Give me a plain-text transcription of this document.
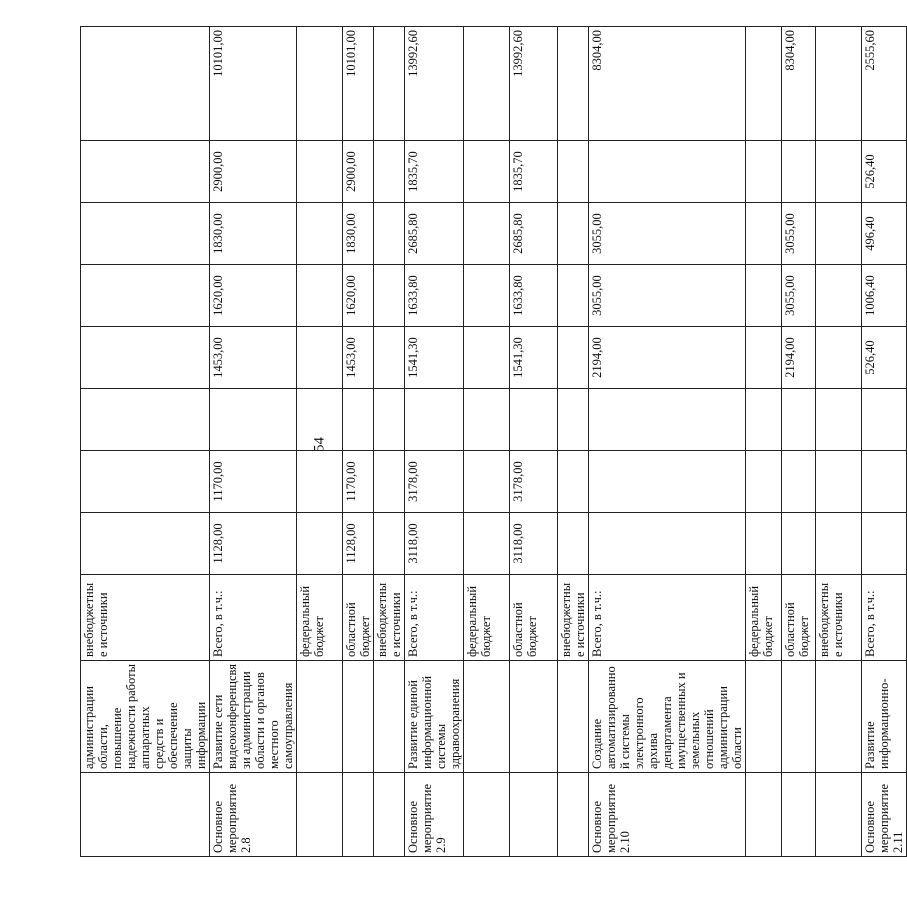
54
	администрации области, повышение надежности работы аппаратных средств и обеспечение защиты информации	внебюджетные источники								
Основное мероприятие 2.8	Развитие сети видеоконференцсвязи администрации области и органов местного самоуправления	Всего, в т.ч.:	1128,00	1170,00		1453,00	1620,00	1830,00	2900,00	10101,00
		федеральный бюджет								
		областной бюджет	1128,00	1170,00		1453,00	1620,00	1830,00	2900,00	10101,00
		внебюджетные источники								
Основное мероприятие 2.9	Развитие единой информационной системы здравоохранения	Всего, в т.ч.:	3118,00	3178,00		1541,30	1633,80	2685,80	1835,70	13992,60
		федеральный бюджет								
		областной бюджет	3118,00	3178,00		1541,30	1633,80	2685,80	1835,70	13992,60
		внебюджетные источники								
Основное мероприятие 2.10	Создание автоматизированной системы электронного архива департамента имущественных и земельных отношений администрации области	Всего, в т.ч.:				2194,00	3055,00	3055,00		8304,00
		федеральный бюджет								
		областной бюджет				2194,00	3055,00	3055,00		8304,00
		внебюджетные источники								
Основное мероприятие 2.11	Развитие информационно-	Всего, в т.ч.:				526,40	1006,40	496,40	526,40	2555,60
